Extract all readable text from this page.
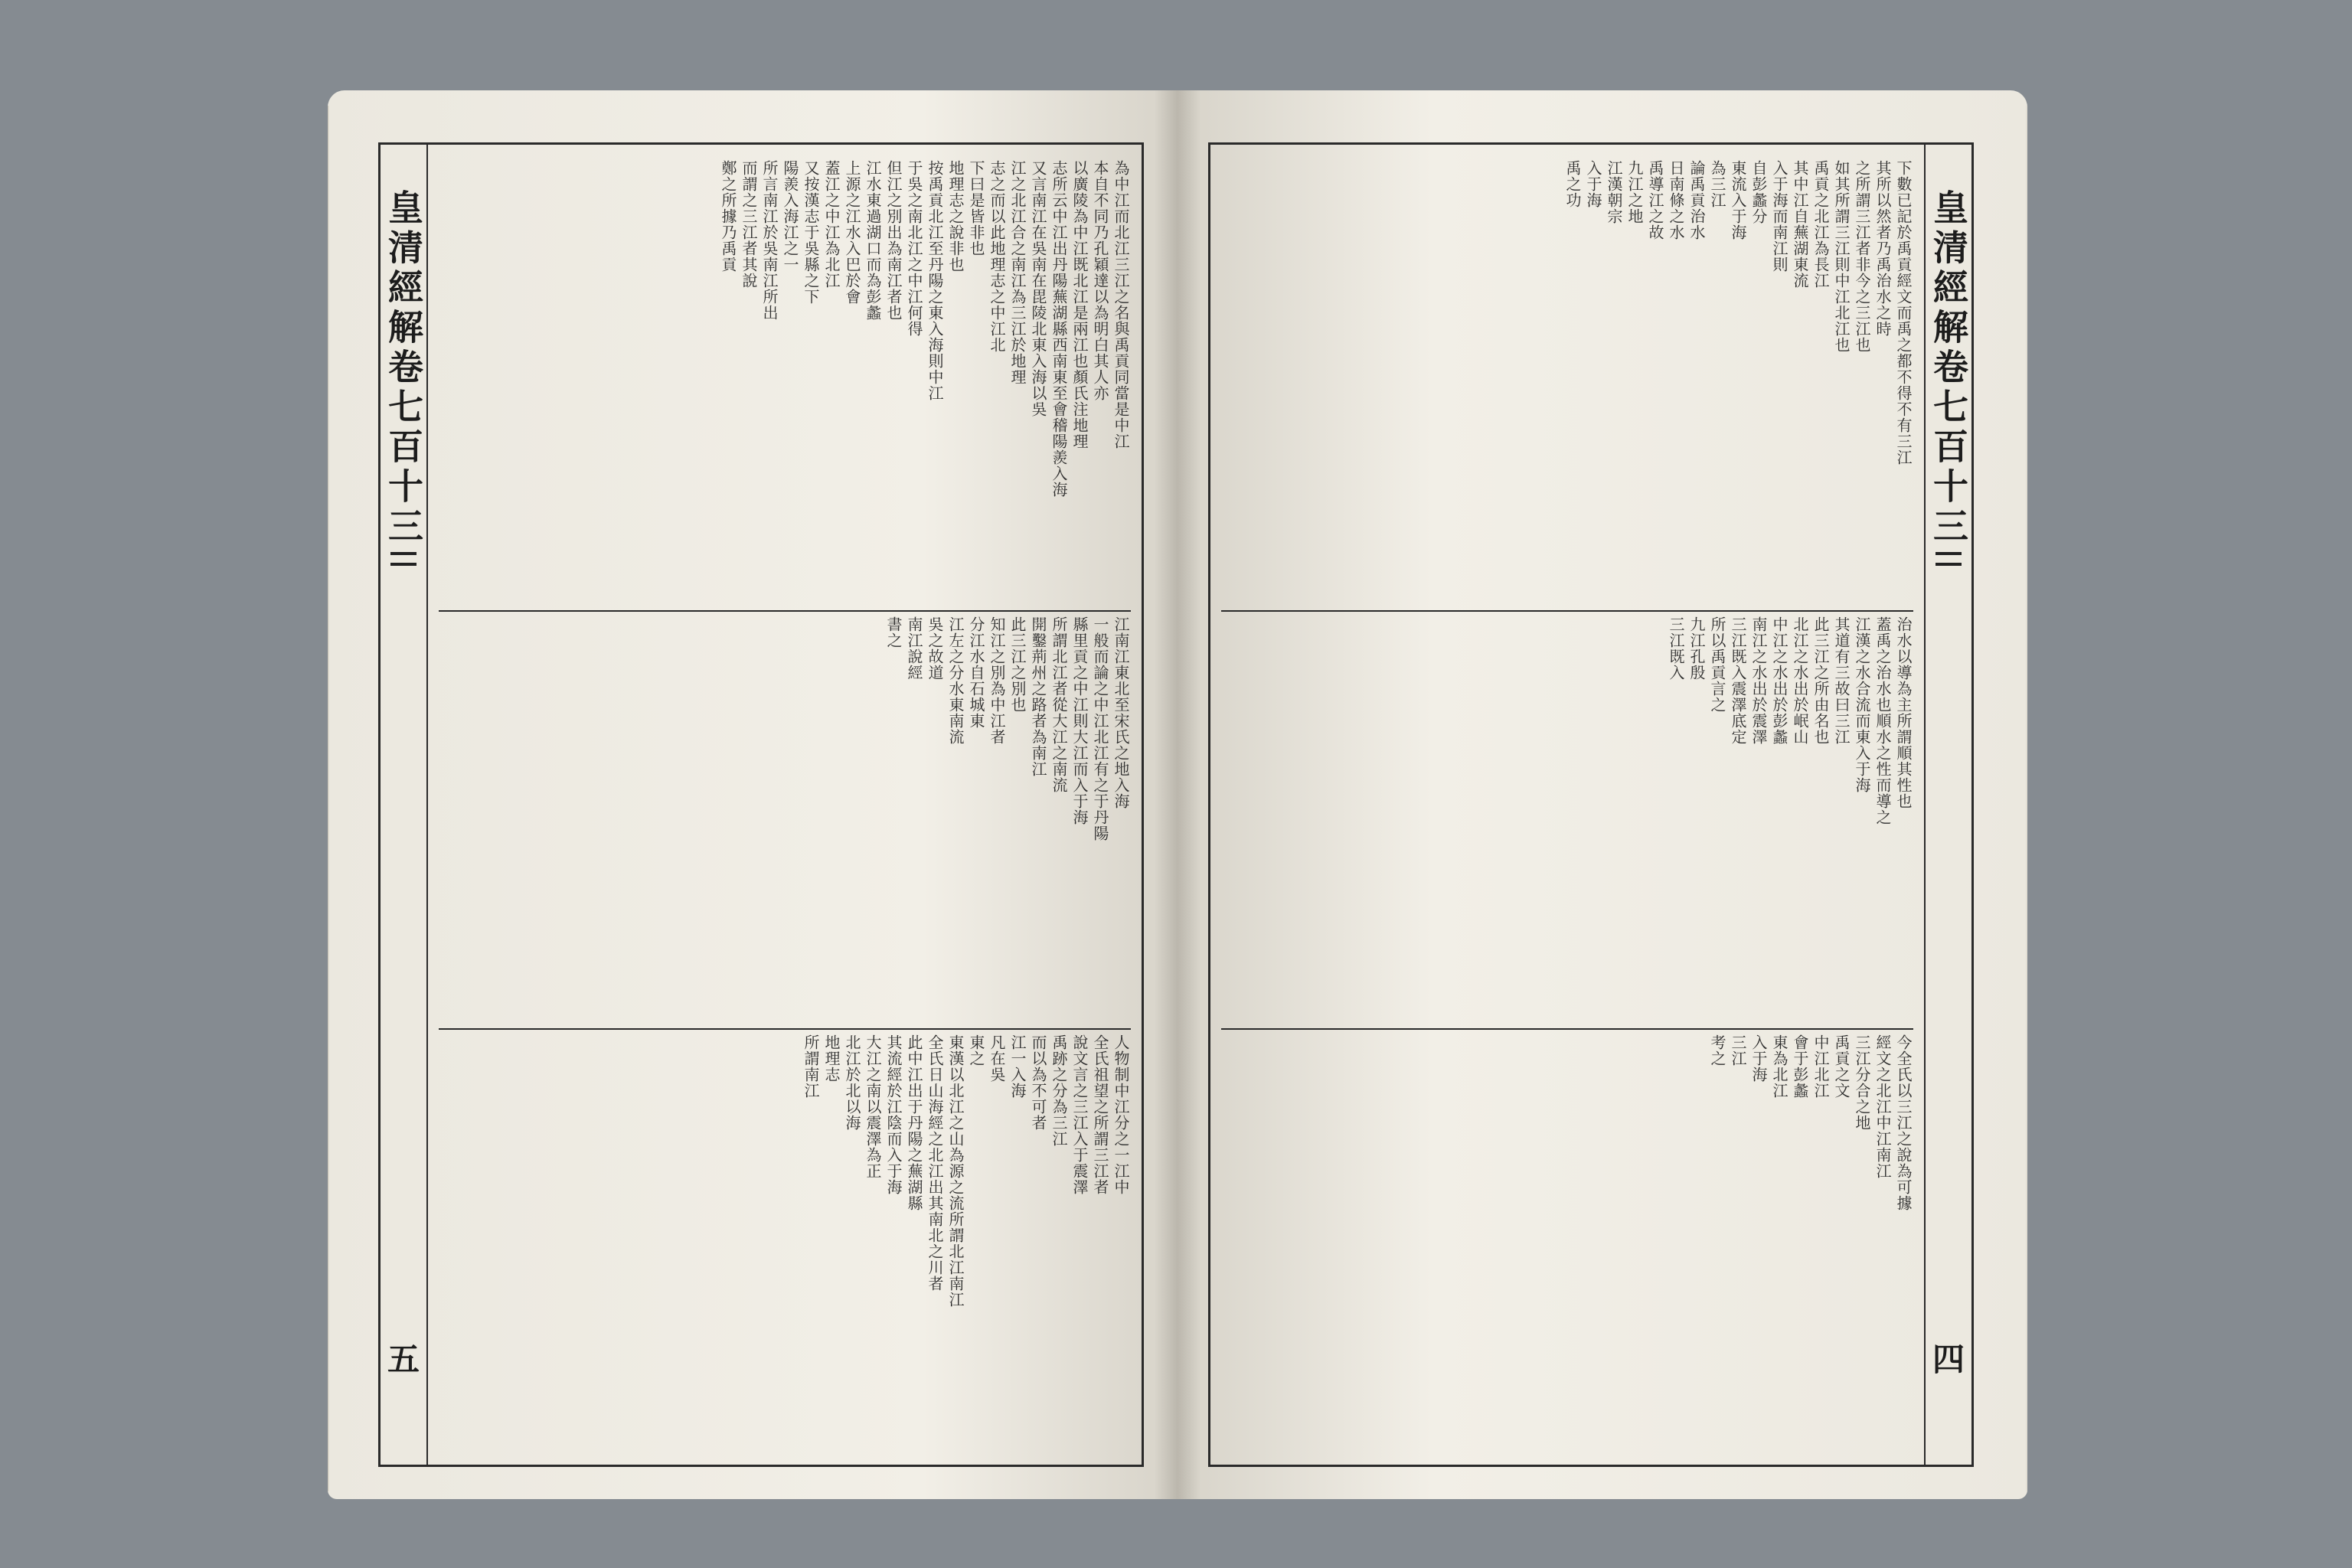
皇清經解卷七百十三
五
為中江而北江三江之名與禹貢同當是中江
本自不同乃孔穎達以為明白其人亦
以廣陵為中江既北江是兩江也顏氏注地理
志所云中江出丹陽蕪湖縣西南東至會稽陽羨入海
又言南江在吳南在毘陵北東入海以吳
江之北江合之南江為三江於地理
志之而以此地理志之中江北
下曰是皆非也
地理志之說非也
按禹貢北江至丹陽之東入海則中江
于吳之南北江之中江何得
但江之別出為南江者也
江水東過湖口而為彭蠡
上源之江水入巴於會
蓋江之中江為北江
又按漢志于吳縣之下
陽羨入海江之一
所言南江於吳南江所出
而謂之三江者其說
鄭之所據乃禹貢
江南江東北至宋氏之地入海
一般而論之中江北江有之于丹陽
縣里貢之中江則大江而入于海
所謂北江者從大江之南流
開鑿荊州之路者為南江
此三江之別也
知江之別為中江者
分江水自石城東
江左之分水東南流
吳之故道
南江說經
書之
人物制中江分之一江中
全氏祖望之所謂三江者
說文言之三江入于震澤
禹跡之分為三江
而以為不可者
江一入海
凡在吳
東之
東漢以北江之山為源之流所謂北江南江
全氏日山海經之北江出其南北之川者
此中江出于丹陽之蕪湖縣
其流經於江陰而入于海
大江之南以震澤為正
北江於北以海
地理志
所謂南江
皇清經解卷七百十三
四
下數已記於禹貢經文而禹之都不得不有三江
其所以然者乃禹治水之時
之所謂三江者非今之三江也
如其所謂三江則中江北江也
禹貢之北江為長江
其中江自蕪湖東流
入于海而南江則
自彭蠡分
東流入于海
為三江
論禹貢治水
日南條之水
禹導江之故
九江之地
江漢朝宗
入于海
禹之功
治水以導為主所謂順其性也
蓋禹之治水也順水之性而導之
江漢之水合流而東入于海
其道有三故曰三江
此三江之所由名也
北江之水出於岷山
中江之水出於彭蠡
南江之水出於震澤
三江既入震澤底定
所以禹貢言之
九江孔殷
三江既入
今全氏以三江之說為可據
經文之北江中江南江
三江分合之地
禹貢之文
中江北江
會于彭蠡
東為北江
入于海
三江
考之
